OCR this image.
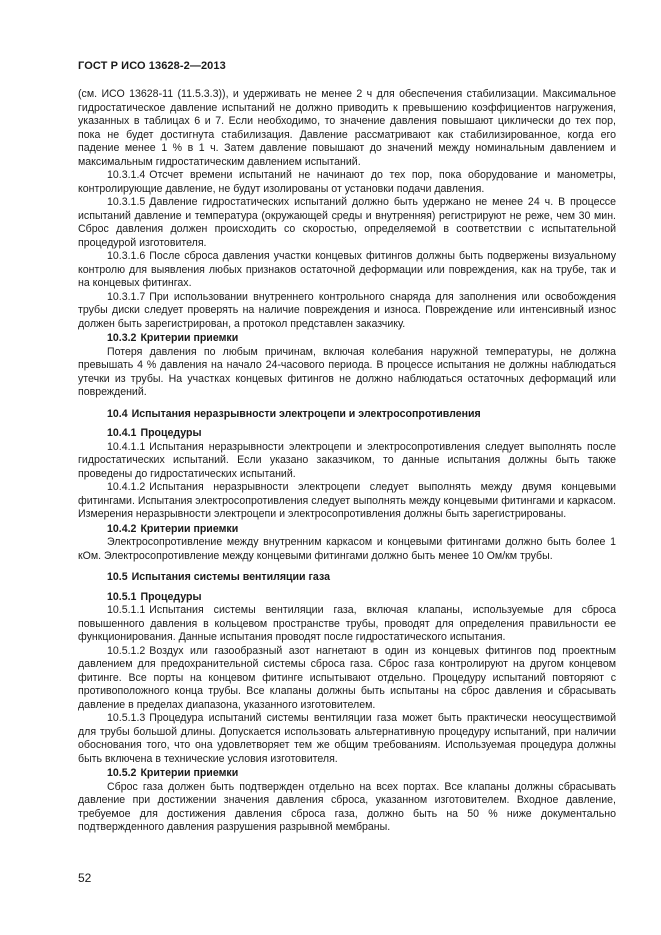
ГОСТ Р ИСО 13628-2—2013

(см. ИСО 13628-11 (11.5.3.3)), и удерживать не менее 2 ч для обеспечения стабилизации. Максимальное гидростатическое давление испытаний не должно приводить к превышению коэффициентов нагружения, указанных в таблицах 6 и 7. Если необходимо, то значение давления повышают циклически до тех пор, пока не будет достигнута стабилизация. Давление рассматривают как стабилизированное, когда его падение менее 1 % в 1 ч. Затем давление повышают до значений между номинальным давлением и максимальным гидростатическим давлением испытаний.

10.3.1.4 Отсчет времени испытаний не начинают до тех пор, пока оборудование и манометры, контролирующие давление, не будут изолированы от установки подачи давления.

10.3.1.5 Давление гидростатических испытаний должно быть удержано не менее 24 ч. В процессе испытаний давление и температура (окружающей среды и внутренняя) регистрируют не реже, чем 30 мин. Сброс давления должен происходить со скоростью, определяемой в соответствии с испытательной процедурой изготовителя.

10.3.1.6 После сброса давления участки концевых фитингов должны быть подвержены визуальному контролю для выявления любых признаков остаточной деформации или повреждения, как на трубе, так и на концевых фитингах.

10.3.1.7 При использовании внутреннего контрольного снаряда для заполнения или освобождения трубы диски следует проверять на наличие повреждения и износа. Повреждение или интенсивный износ должен быть зарегистрирован, а протокол представлен заказчику.

10.3.2 Критерии приемки

Потеря давления по любым причинам, включая колебания наружной температуры, не должна превышать 4 % давления на начало 24-часового периода. В процессе испытания не должны наблюдаться утечки из трубы. На участках концевых фитингов не должно наблюдаться остаточных деформаций или повреждений.

10.4 Испытания неразрывности электроцепи и электросопротивления

10.4.1 Процедуры

10.4.1.1 Испытания неразрывности электроцепи и электросопротивления следует выполнять после гидростатических испытаний. Если указано заказчиком, то данные испытания должны быть также проведены до гидростатических испытаний.

10.4.1.2 Испытания неразрывности электроцепи следует выполнять между двумя концевыми фитингами. Испытания электросопротивления следует выполнять между концевыми фитингами и каркасом. Измерения неразрывности электроцепи и электросопротивления должны быть зарегистрированы.

10.4.2 Критерии приемки

Электросопротивление между внутренним каркасом и концевыми фитингами должно быть более 1 кОм. Электросопротивление между концевыми фитингами должно быть менее 10 Ом/км трубы.

10.5 Испытания системы вентиляции газа

10.5.1 Процедуры

10.5.1.1 Испытания системы вентиляции газа, включая клапаны, используемые для сброса повышенного давления в кольцевом пространстве трубы, проводят для определения правильности ее функционирования. Данные испытания проводят после гидростатического испытания.

10.5.1.2 Воздух или газообразный азот нагнетают в один из концевых фитингов под проектным давлением для предохранительной системы сброса газа. Сброс газа контролируют на другом концевом фитинге. Все порты на концевом фитинге испытывают отдельно. Процедуру испытаний повторяют с противоположного конца трубы. Все клапаны должны быть испытаны на сброс давления и сбрасывать давление в пределах диапазона, указанного изготовителем.

10.5.1.3 Процедура испытаний системы вентиляции газа может быть практически неосуществимой для трубы большой длины. Допускается использовать альтернативную процедуру испытаний, при наличии обоснования того, что она удовлетворяет тем же общим требованиям. Используемая процедура должны быть включена в технические условия изготовителя.

10.5.2 Критерии приемки

Сброс газа должен быть подтвержден отдельно на всех портах. Все клапаны должны сбрасывать давление при достижении значения давления сброса, указанном изготовителем. Входное давление, требуемое для достижения давления сброса газа, должно быть на 50 % ниже документально подтвержденного давления разрушения разрывной мембраны.

52
